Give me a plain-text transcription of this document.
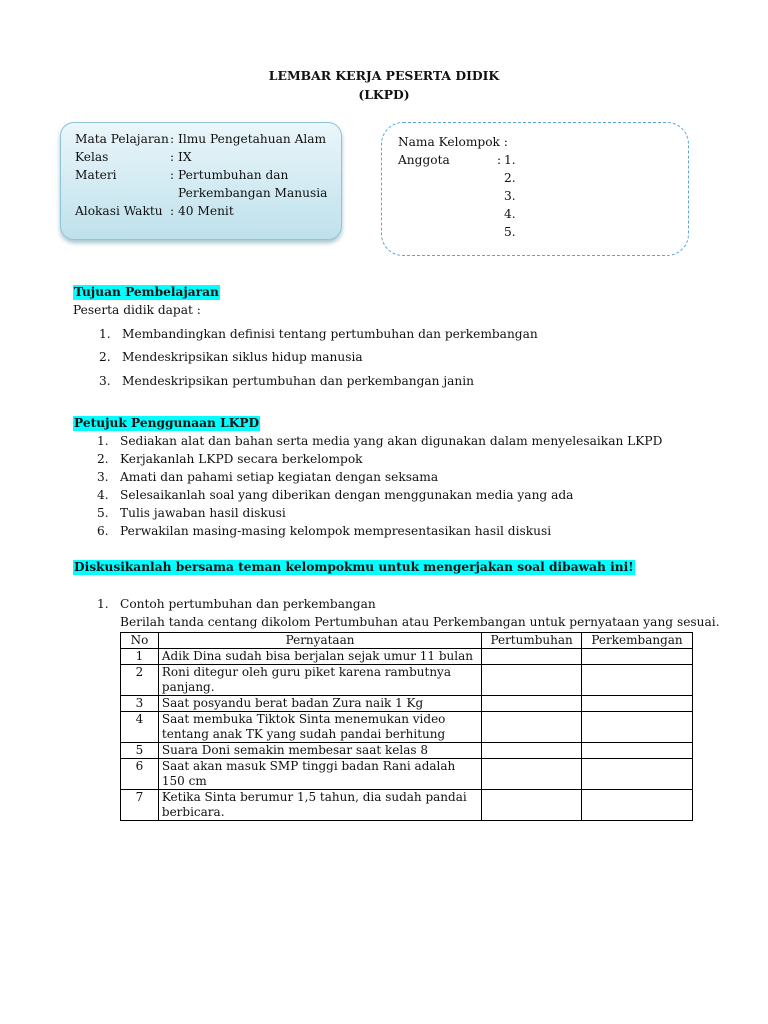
LEMBAR KERJA PESERTA DIDIK
(LKPD)
Mata Pelajaran: Ilmu Pengetahuan Alam
Kelas	: IX
Materi	: Pertumbuhan dan
Perkembangan Manusia
Alokasi Waktu : 40 Menit
Nama Kelompok :
Anggota	: 1.
2.
3.
4.
5.
Tujuan Pembelajaran
Peserta didik dapat :
1. Membandingkan definisi tentang pertumbuhan dan perkembangan
2. Mendeskripsikan siklus hidup manusia
3. Mendeskripsikan pertumbuhan dan perkembangan janin
Petujuk Penggunaan LKPD
1. Sediakan alat dan bahan serta media yang akan digunakan dalam menyelesaikan LKPD
2. Kerjakanlah LKPD secara berkelompok
3. Amati dan pahami setiap kegiatan dengan seksama
4. Selesaikanlah soal yang diberikan dengan menggunakan media yang ada
5. Tulis jawaban hasil diskusi
6. Perwakilan masing-masing kelompok mempresentasikan hasil diskusi
Diskusikanlah bersama teman kelompokmu untuk mengerjakan soal dibawah ini!
1. Contoh pertumbuhan dan perkembangan
Berilah tanda centang dikolom Pertumbuhan atau Perkembangan untuk pernyataan yang sesuai.
No	Pernyataan	Pertumbuhan	Perkembangan
1	Adik Dina sudah bisa berjalan sejak umur 11 bulan		
2	Roni ditegur oleh guru piket karena rambutnya panjang.		
3	Saat posyandu berat badan Zura naik 1 Kg		
4	Saat membuka Tiktok Sinta menemukan video tentang anak TK yang sudah pandai berhitung		
5	Suara Doni semakin membesar saat kelas 8		
6	Saat akan masuk SMP tinggi badan Rani adalah 150 cm		
7	Ketika Sinta berumur 1,5 tahun, dia sudah pandai berbicara.		
